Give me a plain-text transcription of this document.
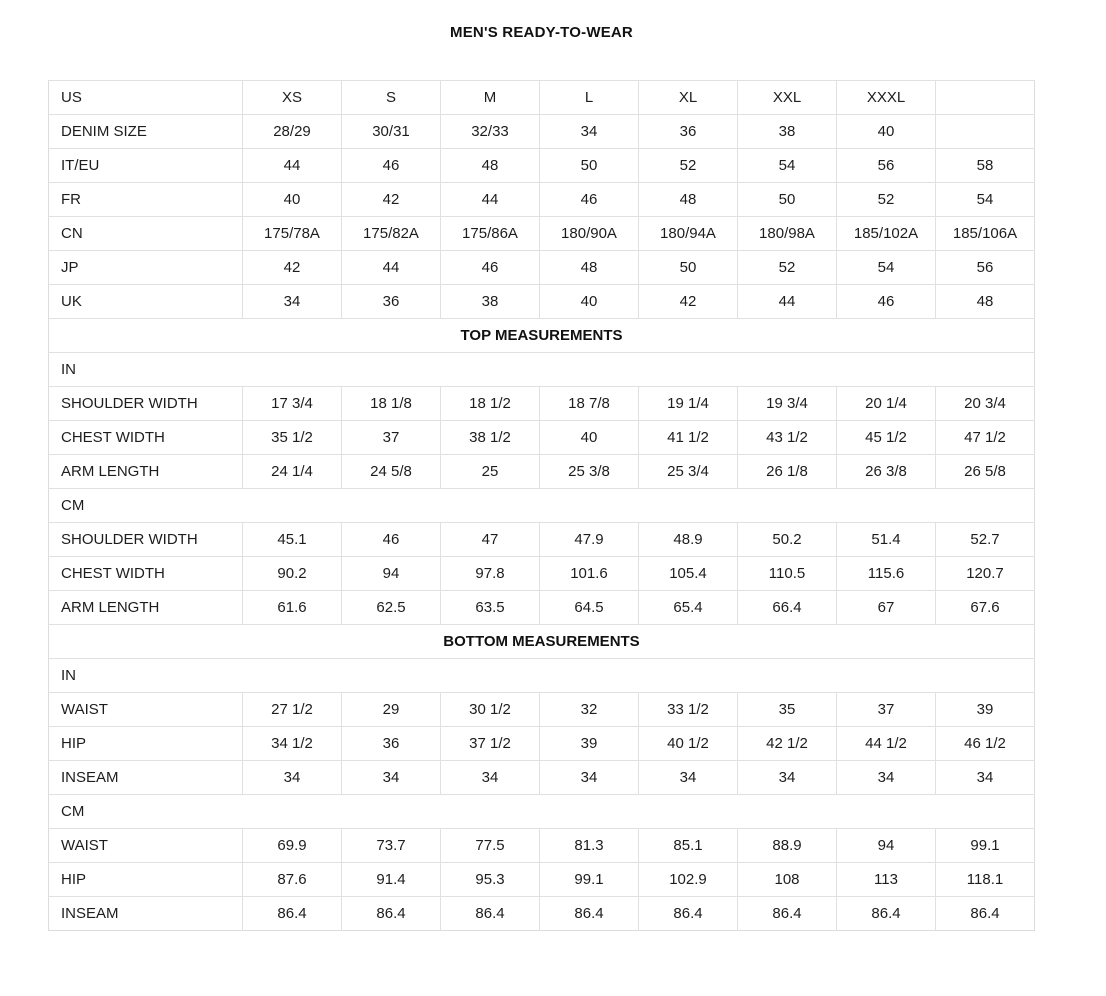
MEN'S READY-TO-WEAR
US	XS	S	M	L	XL	XXL	XXXL	
DENIM SIZE	28/29	30/31	32/33	34	36	38	40	
IT/EU	44	46	48	50	52	54	56	58
FR	40	42	44	46	48	50	52	54
CN	175/78A	175/82A	175/86A	180/90A	180/94A	180/98A	185/102A	185/106A
JP	42	44	46	48	50	52	54	56
UK	34	36	38	40	42	44	46	48
TOP MEASUREMENTS								
IN								
SHOULDER WIDTH	17 3/4	18 1/8	18 1/2	18 7/8	19 1/4	19 3/4	20 1/4	20 3/4
CHEST WIDTH	35 1/2	37	38 1/2	40	41 1/2	43 1/2	45 1/2	47 1/2
ARM LENGTH	24 1/4	24 5/8	25	25 3/8	25 3/4	26 1/8	26 3/8	26 5/8
CM								
SHOULDER WIDTH	45.1	46	47	47.9	48.9	50.2	51.4	52.7
CHEST WIDTH	90.2	94	97.8	101.6	105.4	110.5	115.6	120.7
ARM LENGTH	61.6	62.5	63.5	64.5	65.4	66.4	67	67.6
BOTTOM MEASUREMENTS								
IN								
WAIST	27 1/2	29	30 1/2	32	33 1/2	35	37	39
HIP	34 1/2	36	37 1/2	39	40 1/2	42 1/2	44 1/2	46 1/2
INSEAM	34	34	34	34	34	34	34	34
CM								
WAIST	69.9	73.7	77.5	81.3	85.1	88.9	94	99.1
HIP	87.6	91.4	95.3	99.1	102.9	108	113	118.1
INSEAM	86.4	86.4	86.4	86.4	86.4	86.4	86.4	86.4
